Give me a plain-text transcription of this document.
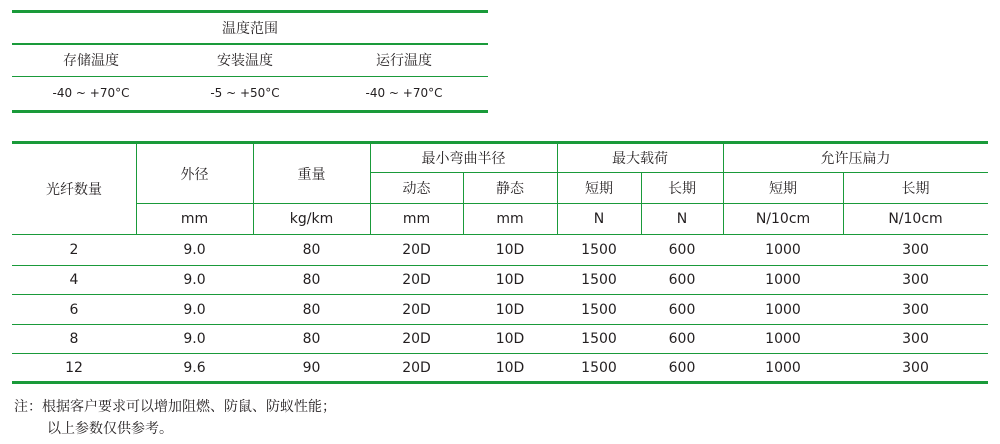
温度范围
存储温度	安装温度	运行温度
-40 ~ +70°C	-5 ~ +50°C	-40 ~ +70°C
光纤数量
外径	重量
最小弯曲半径	最大载荷	允许压扁力
动态	静态	短期	长期	短期	长期
mm	kg/km	mm	mm	N	N	N/10cm	N/10cm
2	9.0	80	20D	10D	1500	600	1000	300
4	9.0	80	20D	10D	1500	600	1000	300
6	9.0	80	20D	10D	1500	600	1000	300
8	9.0	80	20D	10D	1500	600	1000	300
12	9.6	90	20D	10D	1500	600	1000	300
注：根据客户要求可以增加阻燃、防鼠、防蚁性能；
以上参数仅供参考。
